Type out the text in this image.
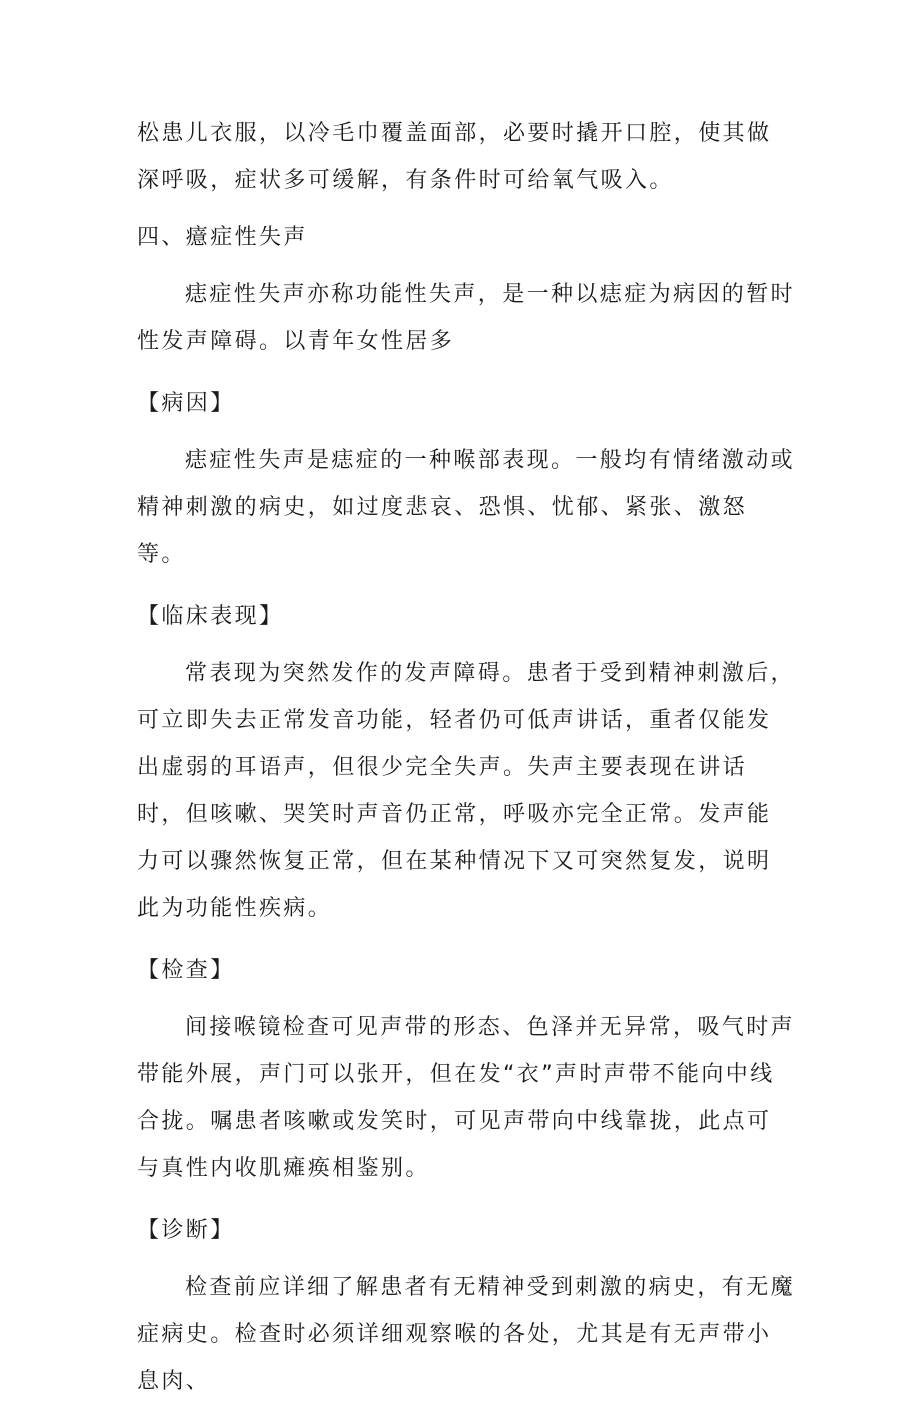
松患儿衣服，以冷毛巾覆盖面部，必要时撬开口腔，使其做深呼吸，症状多可缓解，有条件时可给氧气吸入。

四、癔症性失声

痣症性失声亦称功能性失声，是一种以痣症为病因的暂时性发声障碍。以青年女性居多

【病因】

痣症性失声是痣症的一种喉部表现。一般均有情绪激动或精神刺激的病史，如过度悲哀、恐惧、忧郁、紧张、激怒等。

【临床表现】

常表现为突然发作的发声障碍。患者于受到精神刺激后，可立即失去正常发音功能，轻者仍可低声讲话，重者仅能发出虚弱的耳语声，但很少完全失声。失声主要表现在讲话时，但咳嗽、哭笑时声音仍正常，呼吸亦完全正常。发声能力可以骤然恢复正常，但在某种情况下又可突然复发，说明此为功能性疾病。

【检查】

间接喉镜检查可见声带的形态、色泽并无异常，吸气时声带能外展，声门可以张开，但在发“衣”声时声带不能向中线合拢。嘱患者咳嗽或发笑时，可见声带向中线靠拢，此点可与真性内收肌瘫痪相鉴别。

【诊断】

检查前应详细了解患者有无精神受到刺激的病史，有无魔症病史。检查时必须详细观察喉的各处，尤其是有无声带小息肉、
